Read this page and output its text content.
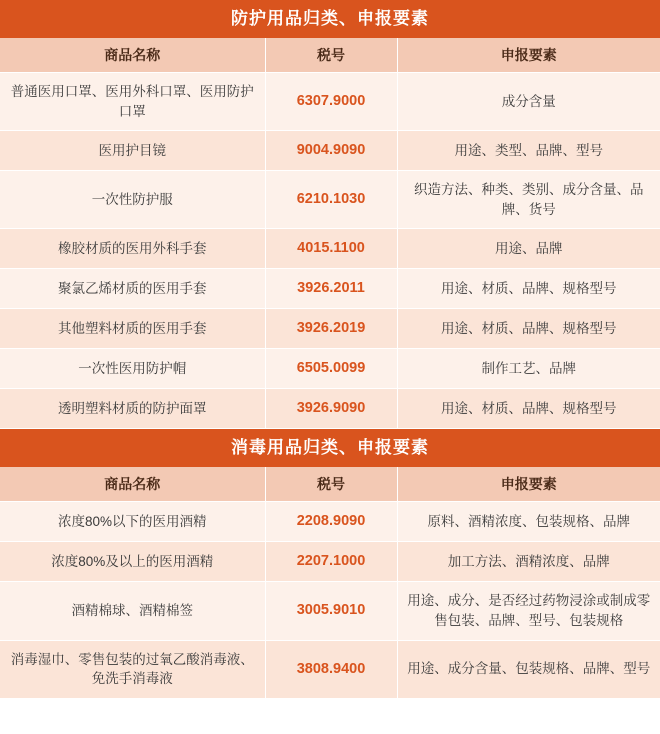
防护用品归类、申报要素
商品名称	税号	申报要素
普通医用口罩、医用外科口罩、医用防护口罩	6307.9000	成分含量
医用护目镜	9004.9090	用途、类型、品牌、型号
一次性防护服	6210.1030	织造方法、种类、类别、成分含量、品牌、货号
橡胶材质的医用外科手套	4015.1100	用途、品牌
聚氯乙烯材质的医用手套	3926.2011	用途、材质、品牌、规格型号
其他塑料材质的医用手套	3926.2019	用途、材质、品牌、规格型号
一次性医用防护帽	6505.0099	制作工艺、品牌
透明塑料材质的防护面罩	3926.9090	用途、材质、品牌、规格型号
消毒用品归类、申报要素
商品名称	税号	申报要素
浓度80%以下的医用酒精	2208.9090	原料、酒精浓度、包装规格、品牌
浓度80%及以上的医用酒精	2207.1000	加工方法、酒精浓度、品牌
酒精棉球、酒精棉签	3005.9010	用途、成分、是否经过药物浸涂或制成零售包装、品牌、型号、包装规格
消毒湿巾、零售包装的过氧乙酸消毒液、免洗手消毒液	3808.9400	用途、成分含量、包装规格、品牌、型号
